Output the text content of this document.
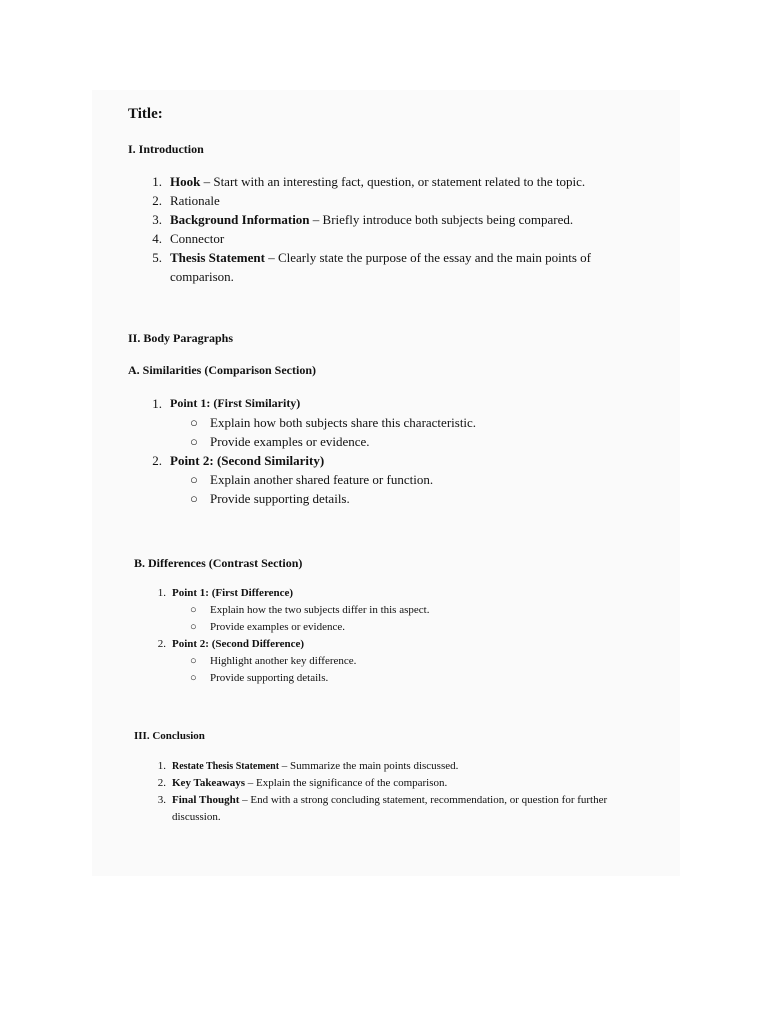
Title:
I. Introduction
1. Hook – Start with an interesting fact, question, or statement related to the topic.
2. Rationale
3. Background Information – Briefly introduce both subjects being compared.
4. Connector
5. Thesis Statement – Clearly state the purpose of the essay and the main points of comparison.
II. Body Paragraphs
A. Similarities (Comparison Section)
1. Point 1: (First Similarity)
○ Explain how both subjects share this characteristic.
○ Provide examples or evidence.
2. Point 2: (Second Similarity)
○ Explain another shared feature or function.
○ Provide supporting details.
B. Differences (Contrast Section)
1. Point 1: (First Difference)
○ Explain how the two subjects differ in this aspect.
○ Provide examples or evidence.
2. Point 2: (Second Difference)
○ Highlight another key difference.
○ Provide supporting details.
III. Conclusion
1. Restate Thesis Statement – Summarize the main points discussed.
2. Key Takeaways – Explain the significance of the comparison.
3. Final Thought – End with a strong concluding statement, recommendation, or question for further discussion.
